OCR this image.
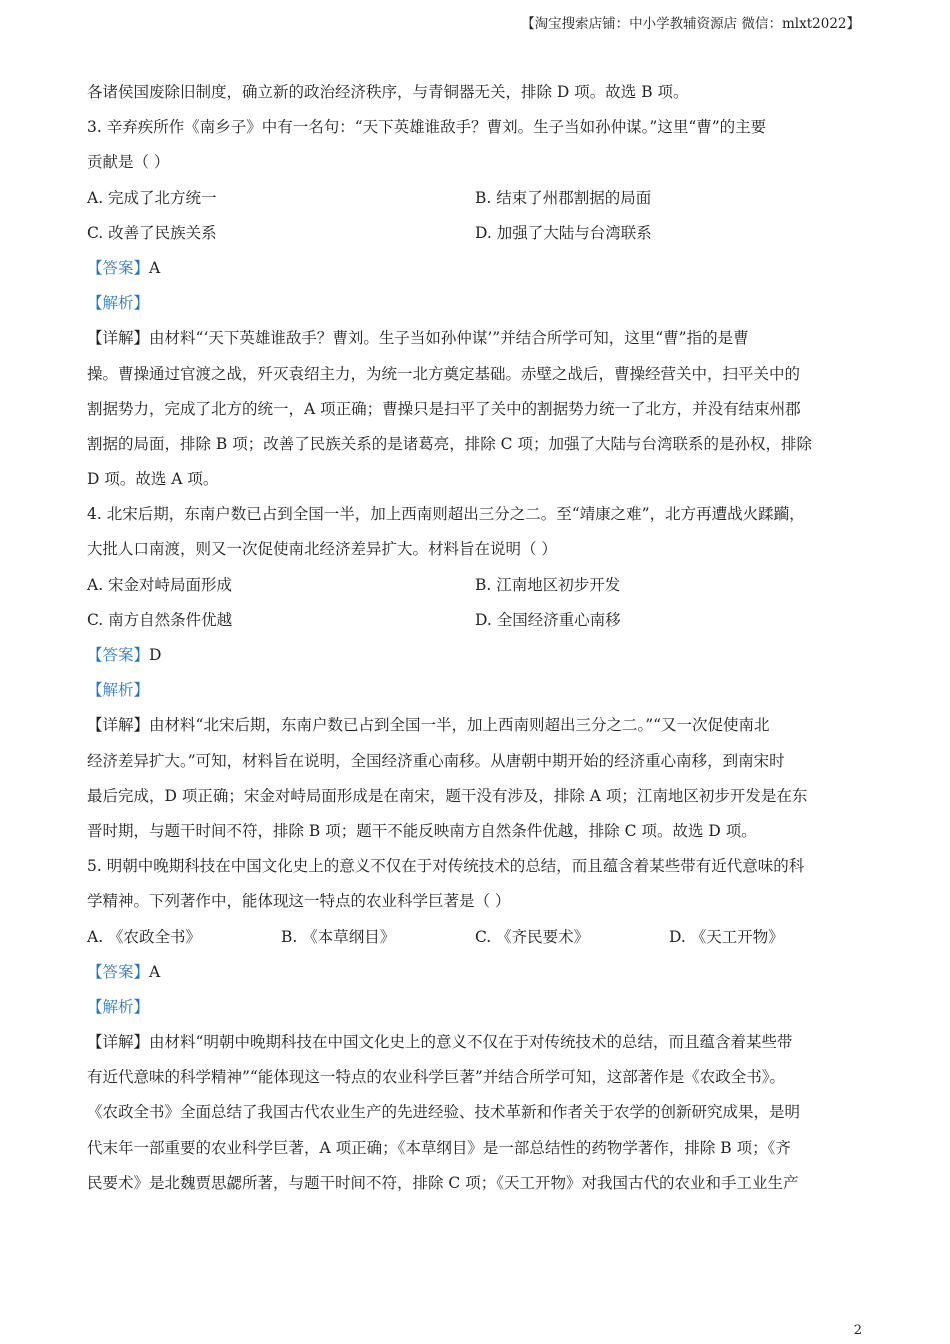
【淘宝搜索店铺：中小学教辅资源店 微信：mlxt2022】
各诸侯国废除旧制度，确立新的政治经济秩序，与青铜器无关，排除 D 项。故选 B 项。
3. 辛弃疾所作《南乡子》中有一名句：“天下英雄谁敌手？曹刘。生子当如孙仲谋。”这里“曹”的主要
贡献是（ ）
A. 完成了北方统一	B. 结束了州郡割据的局面
C. 改善了民族关系	D. 加强了大陆与台湾联系
【答案】A
【解析】
【详解】由材料“‘天下英雄谁敌手？曹刘。生子当如孙仲谋’”并结合所学可知，这里“曹”指的是曹
操。曹操通过官渡之战，歼灭袁绍主力，为统一北方奠定基础。赤壁之战后，曹操经营关中，扫平关中的
割据势力，完成了北方的统一，A 项正确；曹操只是扫平了关中的割据势力统一了北方，并没有结束州郡
割据的局面，排除 B 项；改善了民族关系的是诸葛亮，排除 C 项；加强了大陆与台湾联系的是孙权，排除
D 项。故选 A 项。
4. 北宋后期，东南户数已占到全国一半，加上西南则超出三分之二。至“靖康之难”，北方再遭战火蹂躏，
大批人口南渡，则又一次促使南北经济差异扩大。材料旨在说明（ ）
A. 宋金对峙局面形成	B. 江南地区初步开发
C. 南方自然条件优越	D. 全国经济重心南移
【答案】D
【解析】
【详解】由材料“北宋后期，东南户数已占到全国一半，加上西南则超出三分之二。”“又一次促使南北
经济差异扩大。”可知，材料旨在说明，全国经济重心南移。从唐朝中期开始的经济重心南移，到南宋时
最后完成，D 项正确；宋金对峙局面形成是在南宋，题干没有涉及，排除 A 项；江南地区初步开发是在东
晋时期，与题干时间不符，排除 B 项；题干不能反映南方自然条件优越，排除 C 项。故选 D 项。
5. 明朝中晚期科技在中国文化史上的意义不仅在于对传统技术的总结，而且蕴含着某些带有近代意味的科
学精神。下列著作中，能体现这一特点的农业科学巨著是（ ）
A. 《农政全书》	B. 《本草纲目》	C. 《齐民要术》	D. 《天工开物》
【答案】A
【解析】
【详解】由材料“明朝中晚期科技在中国文化史上的意义不仅在于对传统技术的总结，而且蕴含着某些带
有近代意味的科学精神”“能体现这一特点的农业科学巨著”并结合所学可知，这部著作是《农政全书》。
《农政全书》全面总结了我国古代农业生产的先进经验、技术革新和作者关于农学的创新研究成果，是明
代末年一部重要的农业科学巨著，A 项正确；《本草纲目》是一部总结性的药物学著作，排除 B 项；《齐
民要术》是北魏贾思勰所著，与题干时间不符，排除 C 项；《天工开物》对我国古代的农业和手工业生产
2
